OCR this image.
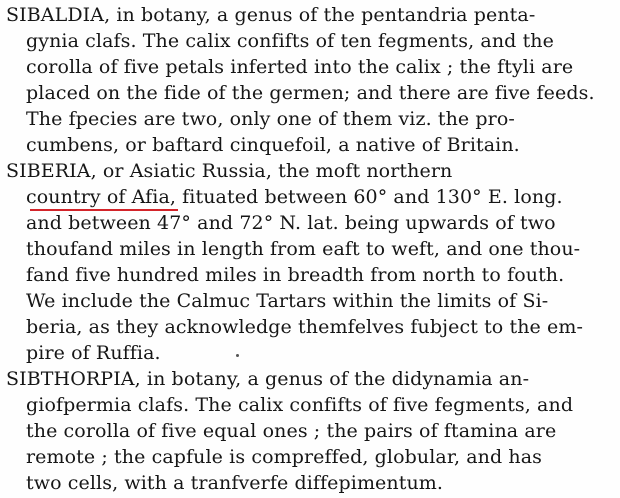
SIBALDIA, in botany, a genus of the pentandria penta-
gynia clafs. The calix confifts of ten fegments, and the
corolla of five petals inferted into the calix ; the ftyli are
placed on the fide of the germen; and there are five feeds.
The fpecies are two, only one of them viz. the pro-
cumbens, or baftard cinquefoil, a native of Britain.
SIBERIA, or Asiatic Russia, the moft northern
country of Afia, fituated between 60° and 130° E. long.
and between 47° and 72° N. lat. being upwards of two
thoufand miles in length from eaft to weft, and one thou-
fand five hundred miles in breadth from north to fouth.
We include the Calmuc Tartars within the limits of Si-
beria, as they acknowledge themfelves fubject to the em-
pire of Ruffia.
SIBTHORPIA, in botany, a genus of the didynamia an-
giofpermia clafs. The calix confifts of five fegments, and
the corolla of five equal ones ; the pairs of ftamina are
remote ; the capfule is compreffed, globular, and has
two cells, with a tranfverfe diffepimentum.
